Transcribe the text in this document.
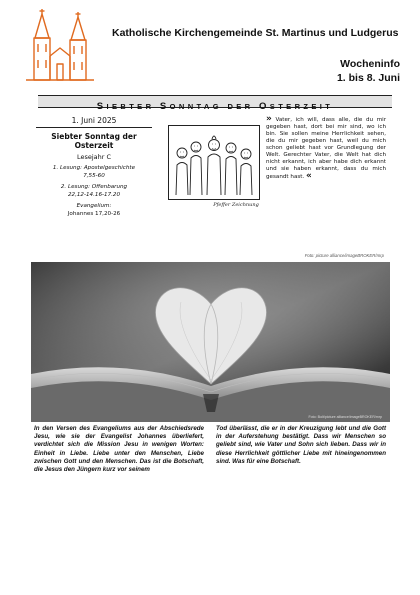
Katholische Kirchengemeinde St. Martinus und Ludgerus
Wocheninfo
1. bis 8. Juni
SIEBTER SONNTAG DER OSTERZEIT
1. Juni 2025
Siebter Sonntag der
Osterzeit
Lesejahr C
1. Lesung: Apostelgeschichte
7,55-60
2. Lesung: Offenbarung
22,12-14.16-17.20
Evangelium:
Johannes 17,20-26
Pfeffer Zeichnung
» Vater, ich will, dass alle, die du mir gegeben hast, dort bei mir sind, wo ich bin. Sie sollen meine Herrlichkeit sehen, die du mir gegeben hast, weil du mich schon geliebt hast vor Grundlegung der Welt. Gerechter Vater, die Welt hat dich nicht erkannt, ich aber habe dich erkannt und sie haben erkannt, dass du mich gesandt hast. «
Foto: picture alliance/imageBROKER/mrp
Foto: Bolt/picture alliance/imageBROKER/mrp
In den Versen des Evangeliums aus der Abschiedsrede Jesu, wie sie der Evangelist Johannes überliefert, verdichtet sich die Mission Jesu in wenigen Worten: Einheit in Liebe. Liebe unter den Menschen, Liebe zwischen Gott und den Menschen. Das ist die Botschaft, die Jesus den Jüngern kurz vor seinem
Tod überlässt, die er in der Kreuzigung lebt und die Gott in der Auferstehung bestätigt. Dass wir Menschen so geliebt sind, wie Vater und Sohn sich lieben. Dass wir in diese Herrlichkeit göttlicher Liebe mit hineingenommen sind. Was für eine Botschaft.
